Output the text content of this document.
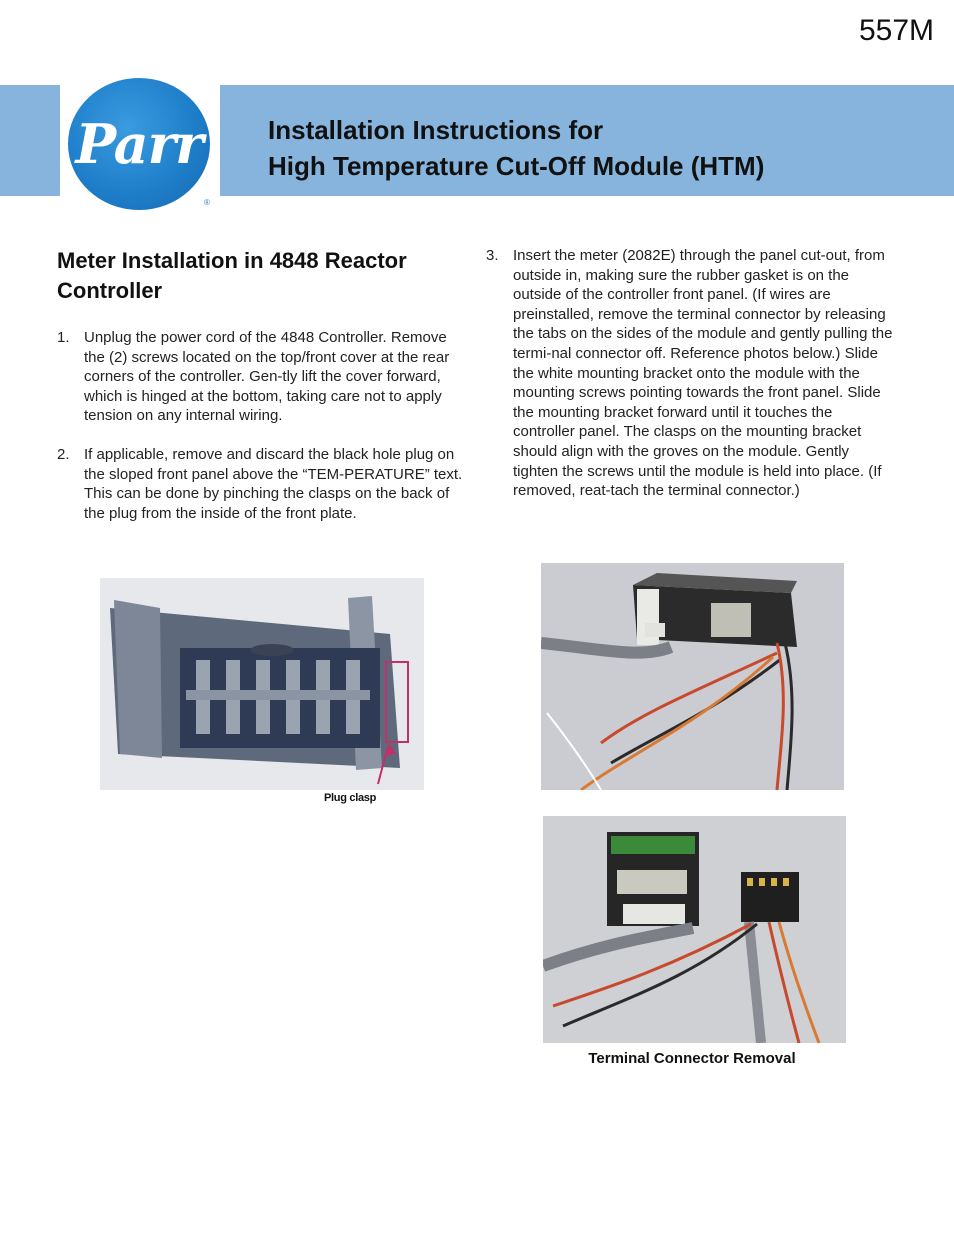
557M
Parr
®
Installation Instructions for
High Temperature Cut-Off Module (HTM)
Meter Installation in 4848 Reactor Controller

1. Unplug the power cord of the 4848 Controller. Remove the (2) screws located on the top/front cover at the rear corners of the controller. Gen-tly lift the cover forward, which is hinged at the bottom, taking care not to apply tension on any internal wiring.

2. If applicable, remove and discard the black hole plug on the sloped front panel above the “TEM-PERATURE” text. This can be done by pinching the clasps on the back of the plug from the inside of the front plate.

3. Insert the meter (2082E) through the panel cut-out, from outside in, making sure the rubber gasket is on the outside of the controller front panel. (If wires are preinstalled, remove the terminal connector by releasing the tabs on the sides of the module and gently pulling the termi-nal connector off. Reference photos below.) Slide the white mounting bracket onto the module with the mounting screws pointing towards the front panel. Slide the mounting bracket forward until it touches the controller panel. The clasps on the mounting bracket should align with the groves on the module. Gently tighten the screws until the module is held into place. (If removed, reat-tach the terminal connector.)

Plug clasp
Terminal Connector Removal
